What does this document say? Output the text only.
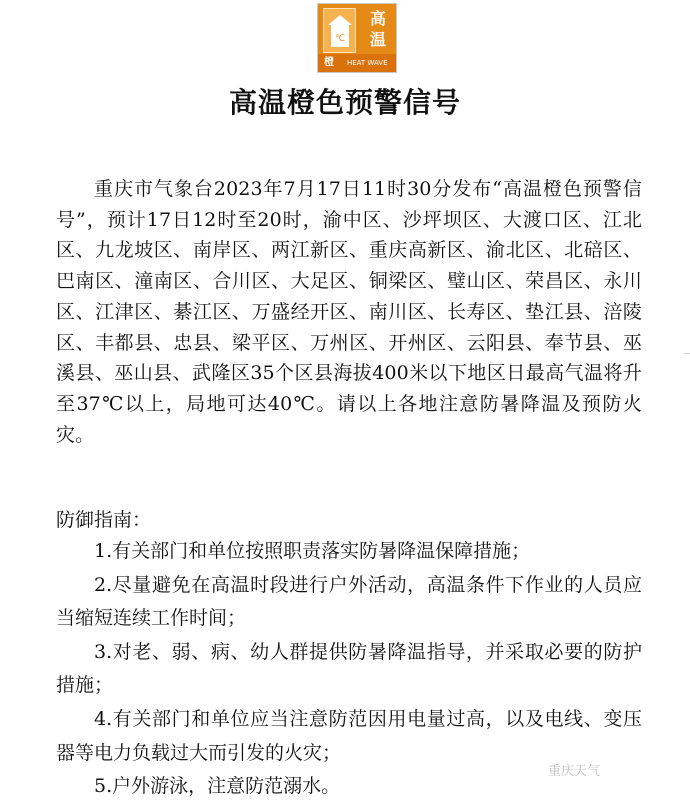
℃
高
温
橙 HEAT WAVE
高温橙色预警信号

重庆市气象台2023年7月17日11时30分发布“高温橙色预警信号”，预计17日12时至20时，渝中区、沙坪坝区、大渡口区、江北区、九龙坡区、南岸区、两江新区、重庆高新区、渝北区、北碚区、巴南区、潼南区、合川区、大足区、铜梁区、璧山区、荣昌区、永川区、江津区、綦江区、万盛经开区、南川区、长寿区、垫江县、涪陵区、丰都县、忠县、梁平区、万州区、开州区、云阳县、奉节县、巫溪县、巫山县、武隆区35个区县海拔400米以下地区日最高气温将升至37℃以上，局地可达40℃。请以上各地注意防暑降温及预防火灾。

防御指南：
1.有关部门和单位按照职责落实防暑降温保障措施；
2.尽量避免在高温时段进行户外活动，高温条件下作业的人员应当缩短连续工作时间；
3.对老、弱、病、幼人群提供防暑降温指导，并采取必要的防护措施；
4.有关部门和单位应当注意防范因用电量过高，以及电线、变压器等电力负载过大而引发的火灾；
5.户外游泳，注意防范溺水。
重庆天气
